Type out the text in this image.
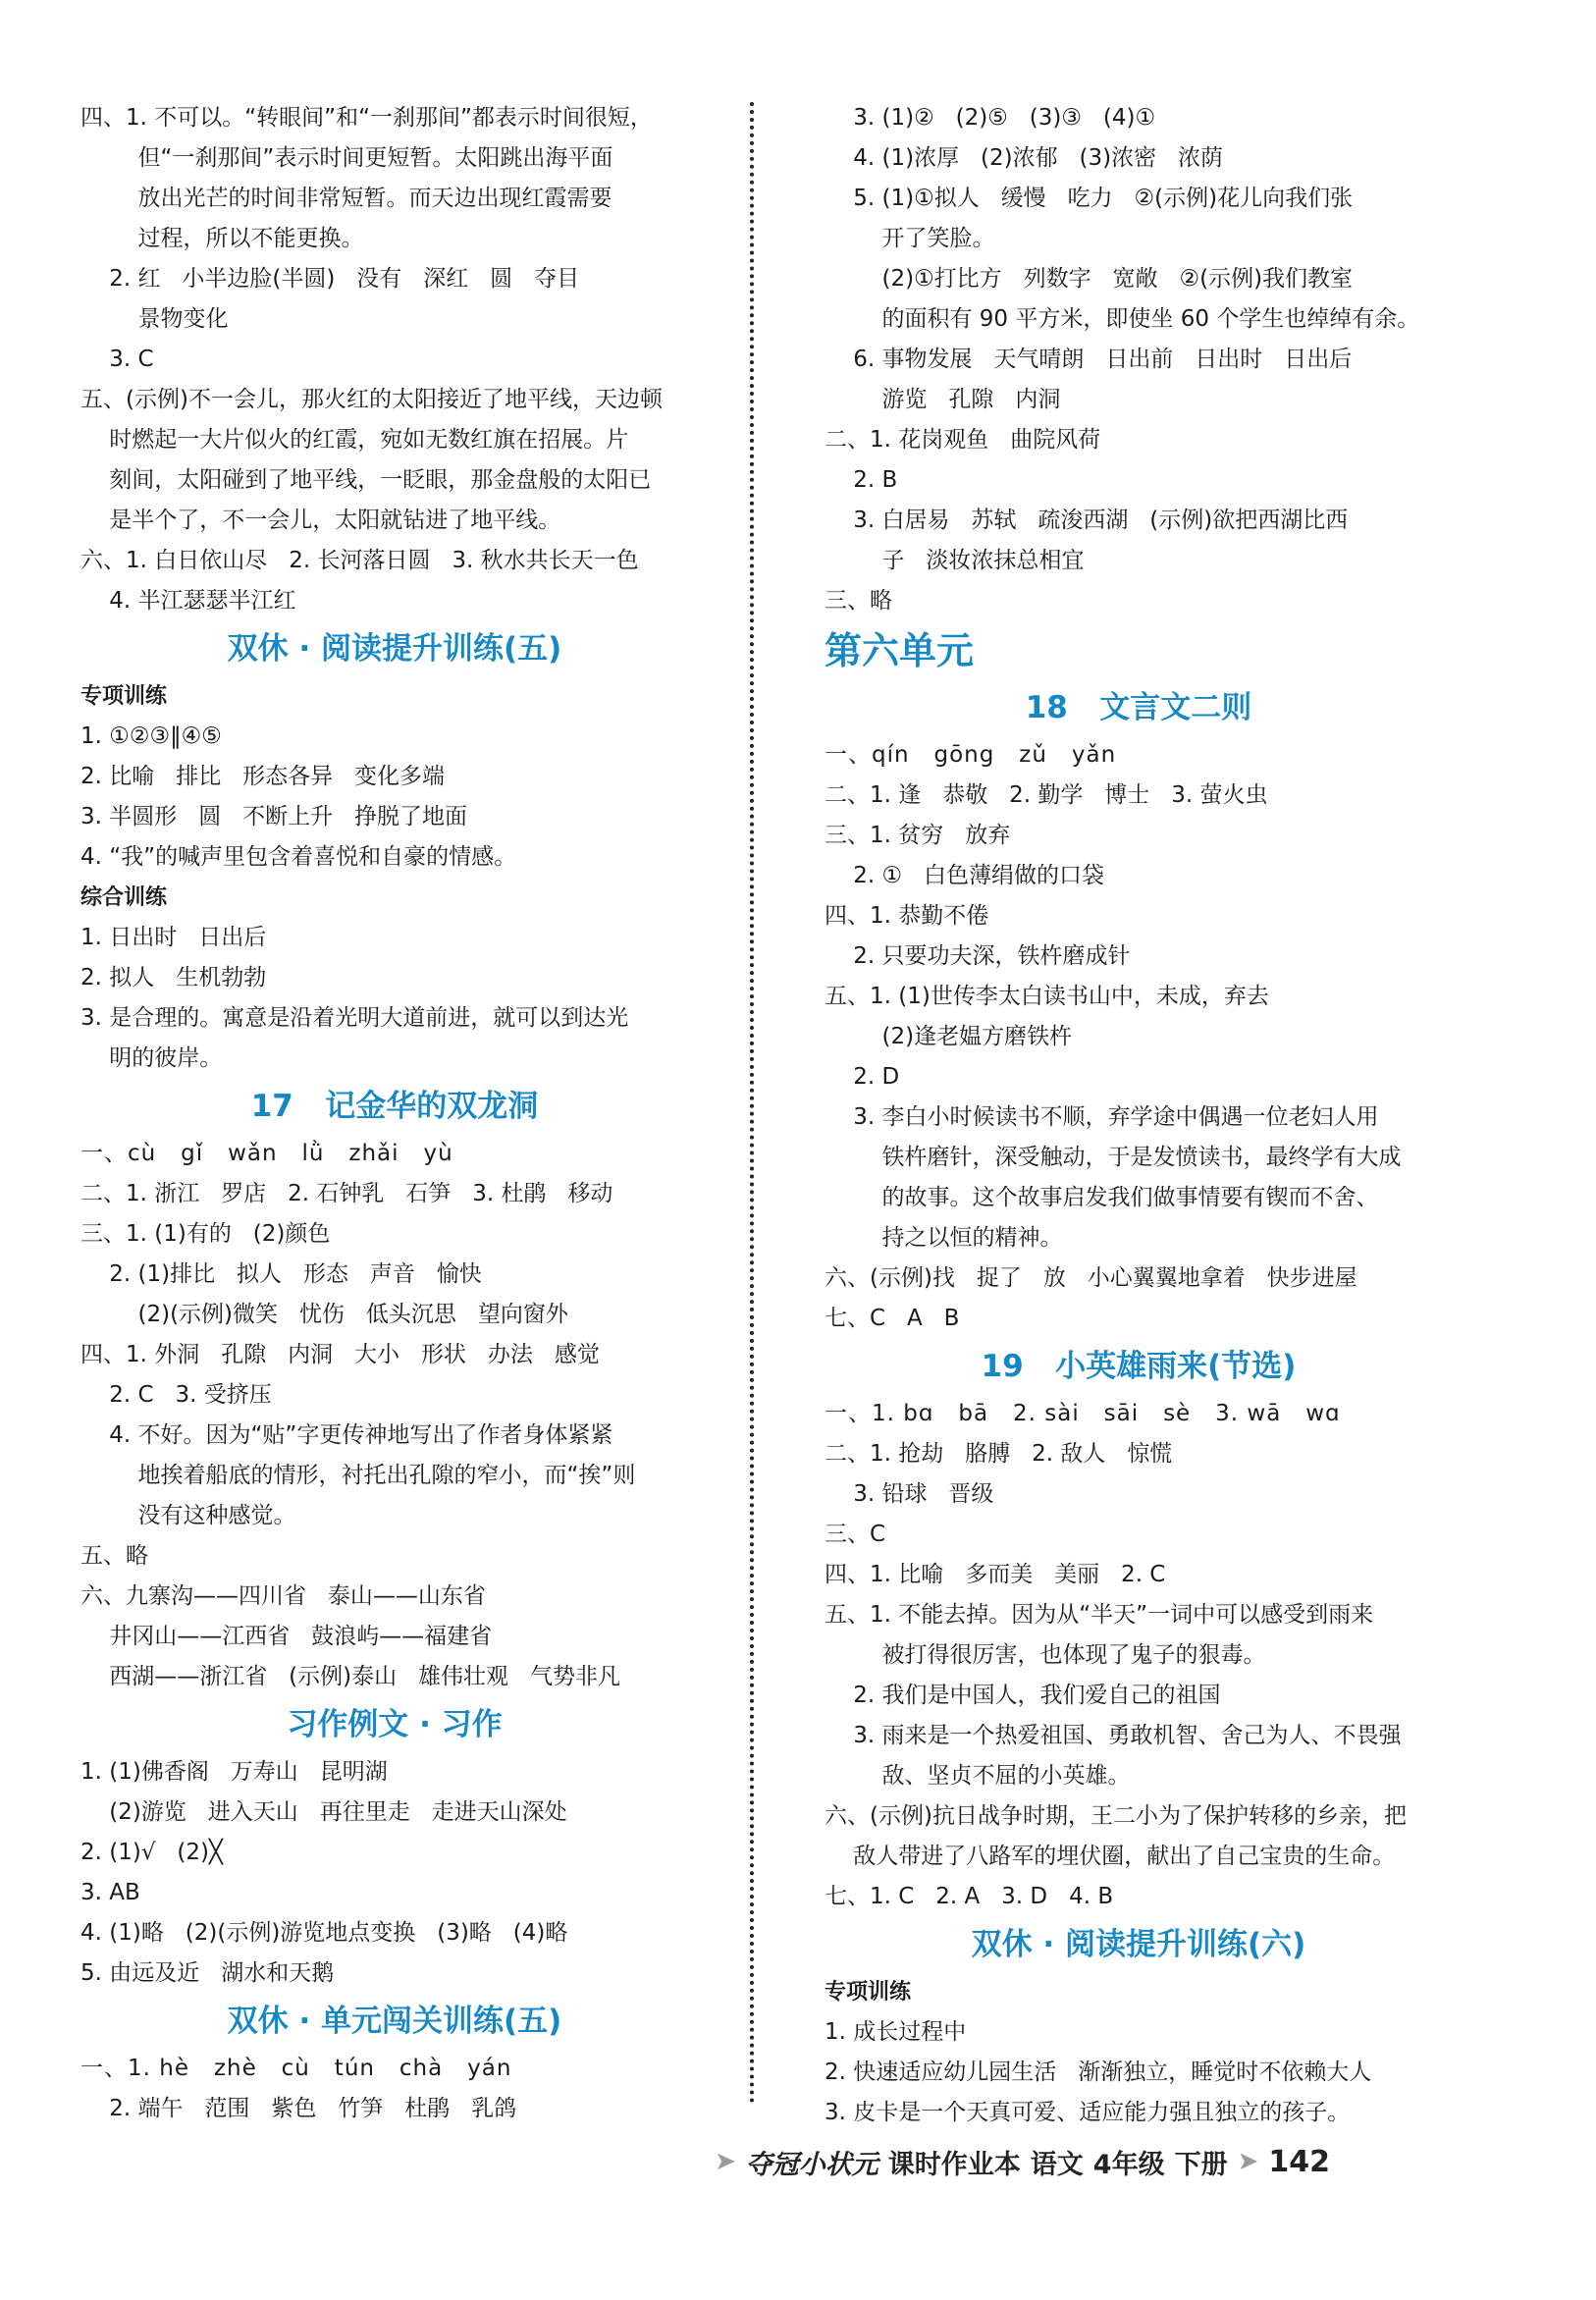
四、1. 不可以。“转眼间”和“一刹那间”都表示时间很短，
但“一刹那间”表示时间更短暂。太阳跳出海平面
放出光芒的时间非常短暂。而天边出现红霞需要
过程，所以不能更换。
2. 红   小半边脸(半圆)   没有   深红   圆   夺目
景物变化
3. C
五、(示例)不一会儿，那火红的太阳接近了地平线，天边顿
时燃起一大片似火的红霞，宛如无数红旗在招展。片
刻间，太阳碰到了地平线，一眨眼，那金盘般的太阳已
是半个了，不一会儿，太阳就钻进了地平线。
六、1. 白日依山尽   2. 长河落日圆   3. 秋水共长天一色
4. 半江瑟瑟半江红
双休 · 阅读提升训练(五)
专项训练
1. ①②③‖④⑤
2. 比喻   排比   形态各异   变化多端
3. 半圆形   圆   不断上升   挣脱了地面
4. “我”的喊声里包含着喜悦和自豪的情感。
综合训练
1. 日出时   日出后
2. 拟人   生机勃勃
3. 是合理的。寓意是沿着光明大道前进，就可以到达光
明的彼岸。
17   记金华的双龙洞
一、cù   gǐ   wǎn   lǜ   zhǎi   yù
二、1. 浙江   罗店   2. 石钟乳   石笋   3. 杜鹃   移动
三、1. (1)有的   (2)颜色
2. (1)排比   拟人   形态   声音   愉快
(2)(示例)微笑   忧伤   低头沉思   望向窗外
四、1. 外洞   孔隙   内洞   大小   形状   办法   感觉
2. C   3. 受挤压
4. 不好。因为“贴”字更传神地写出了作者身体紧紧
地挨着船底的情形，衬托出孔隙的窄小，而“挨”则
没有这种感觉。
五、略
六、九寨沟——四川省   泰山——山东省
井冈山——江西省   鼓浪屿——福建省
西湖——浙江省   (示例)泰山   雄伟壮观   气势非凡
习作例文 · 习作
1. (1)佛香阁   万寿山   昆明湖
(2)游览   进入天山   再往里走   走进天山深处
2. (1)√   (2)╳
3. AB
4. (1)略   (2)(示例)游览地点变换   (3)略   (4)略
5. 由远及近   湖水和天鹅
双休 · 单元闯关训练(五)
一、1. hè   zhè   cù   tún   chà   yán
2. 端午   范围   紫色   竹笋   杜鹃   乳鸽
3. (1)②   (2)⑤   (3)③   (4)①
4. (1)浓厚   (2)浓郁   (3)浓密   浓荫
5. (1)①拟人   缓慢   吃力   ②(示例)花儿向我们张
开了笑脸。
(2)①打比方   列数字   宽敞   ②(示例)我们教室
的面积有 90 平方米，即使坐 60 个学生也绰绰有余。
6. 事物发展   天气晴朗   日出前   日出时   日出后
游览   孔隙   内洞
二、1. 花岗观鱼   曲院风荷
2. B
3. 白居易   苏轼   疏浚西湖   (示例)欲把西湖比西
子   淡妆浓抹总相宜
三、略
第六单元
18   文言文二则
一、qín   gōng   zǔ   yǎn
二、1. 逢   恭敬   2. 勤学   博士   3. 萤火虫
三、1. 贫穷   放弃
2. ①   白色薄绢做的口袋
四、1. 恭勤不倦
2. 只要功夫深，铁杵磨成针
五、1. (1)世传李太白读书山中，未成，弃去
(2)逢老媪方磨铁杵
2. D
3. 李白小时候读书不顺，弃学途中偶遇一位老妇人用
铁杵磨针，深受触动，于是发愤读书，最终学有大成
的故事。这个故事启发我们做事情要有锲而不舍、
持之以恒的精神。
六、(示例)找   捉了   放   小心翼翼地拿着   快步进屋
七、C   A   B
19   小英雄雨来(节选)
一、1. bɑ   bā   2. sài   sāi   sè   3. wā   wɑ
二、1. 抢劫   胳膊   2. 敌人   惊慌
3. 铅球   晋级
三、C
四、1. 比喻   多而美   美丽   2. C
五、1. 不能去掉。因为从“半天”一词中可以感受到雨来
被打得很厉害，也体现了鬼子的狠毒。
2. 我们是中国人，我们爱自己的祖国
3. 雨来是一个热爱祖国、勇敢机智、舍己为人、不畏强
敌、坚贞不屈的小英雄。
六、(示例)抗日战争时期，王二小为了保护转移的乡亲，把
敌人带进了八路军的埋伏圈，献出了自己宝贵的生命。
七、1. C   2. A   3. D   4. B
双休 · 阅读提升训练(六)
专项训练
1. 成长过程中
2. 快速适应幼儿园生活   渐渐独立，睡觉时不依赖大人
3. 皮卡是一个天真可爱、适应能力强且独立的孩子。
➤ 夺冠小状元 课时作业本 语文 4年级 下册 ➤ 142
